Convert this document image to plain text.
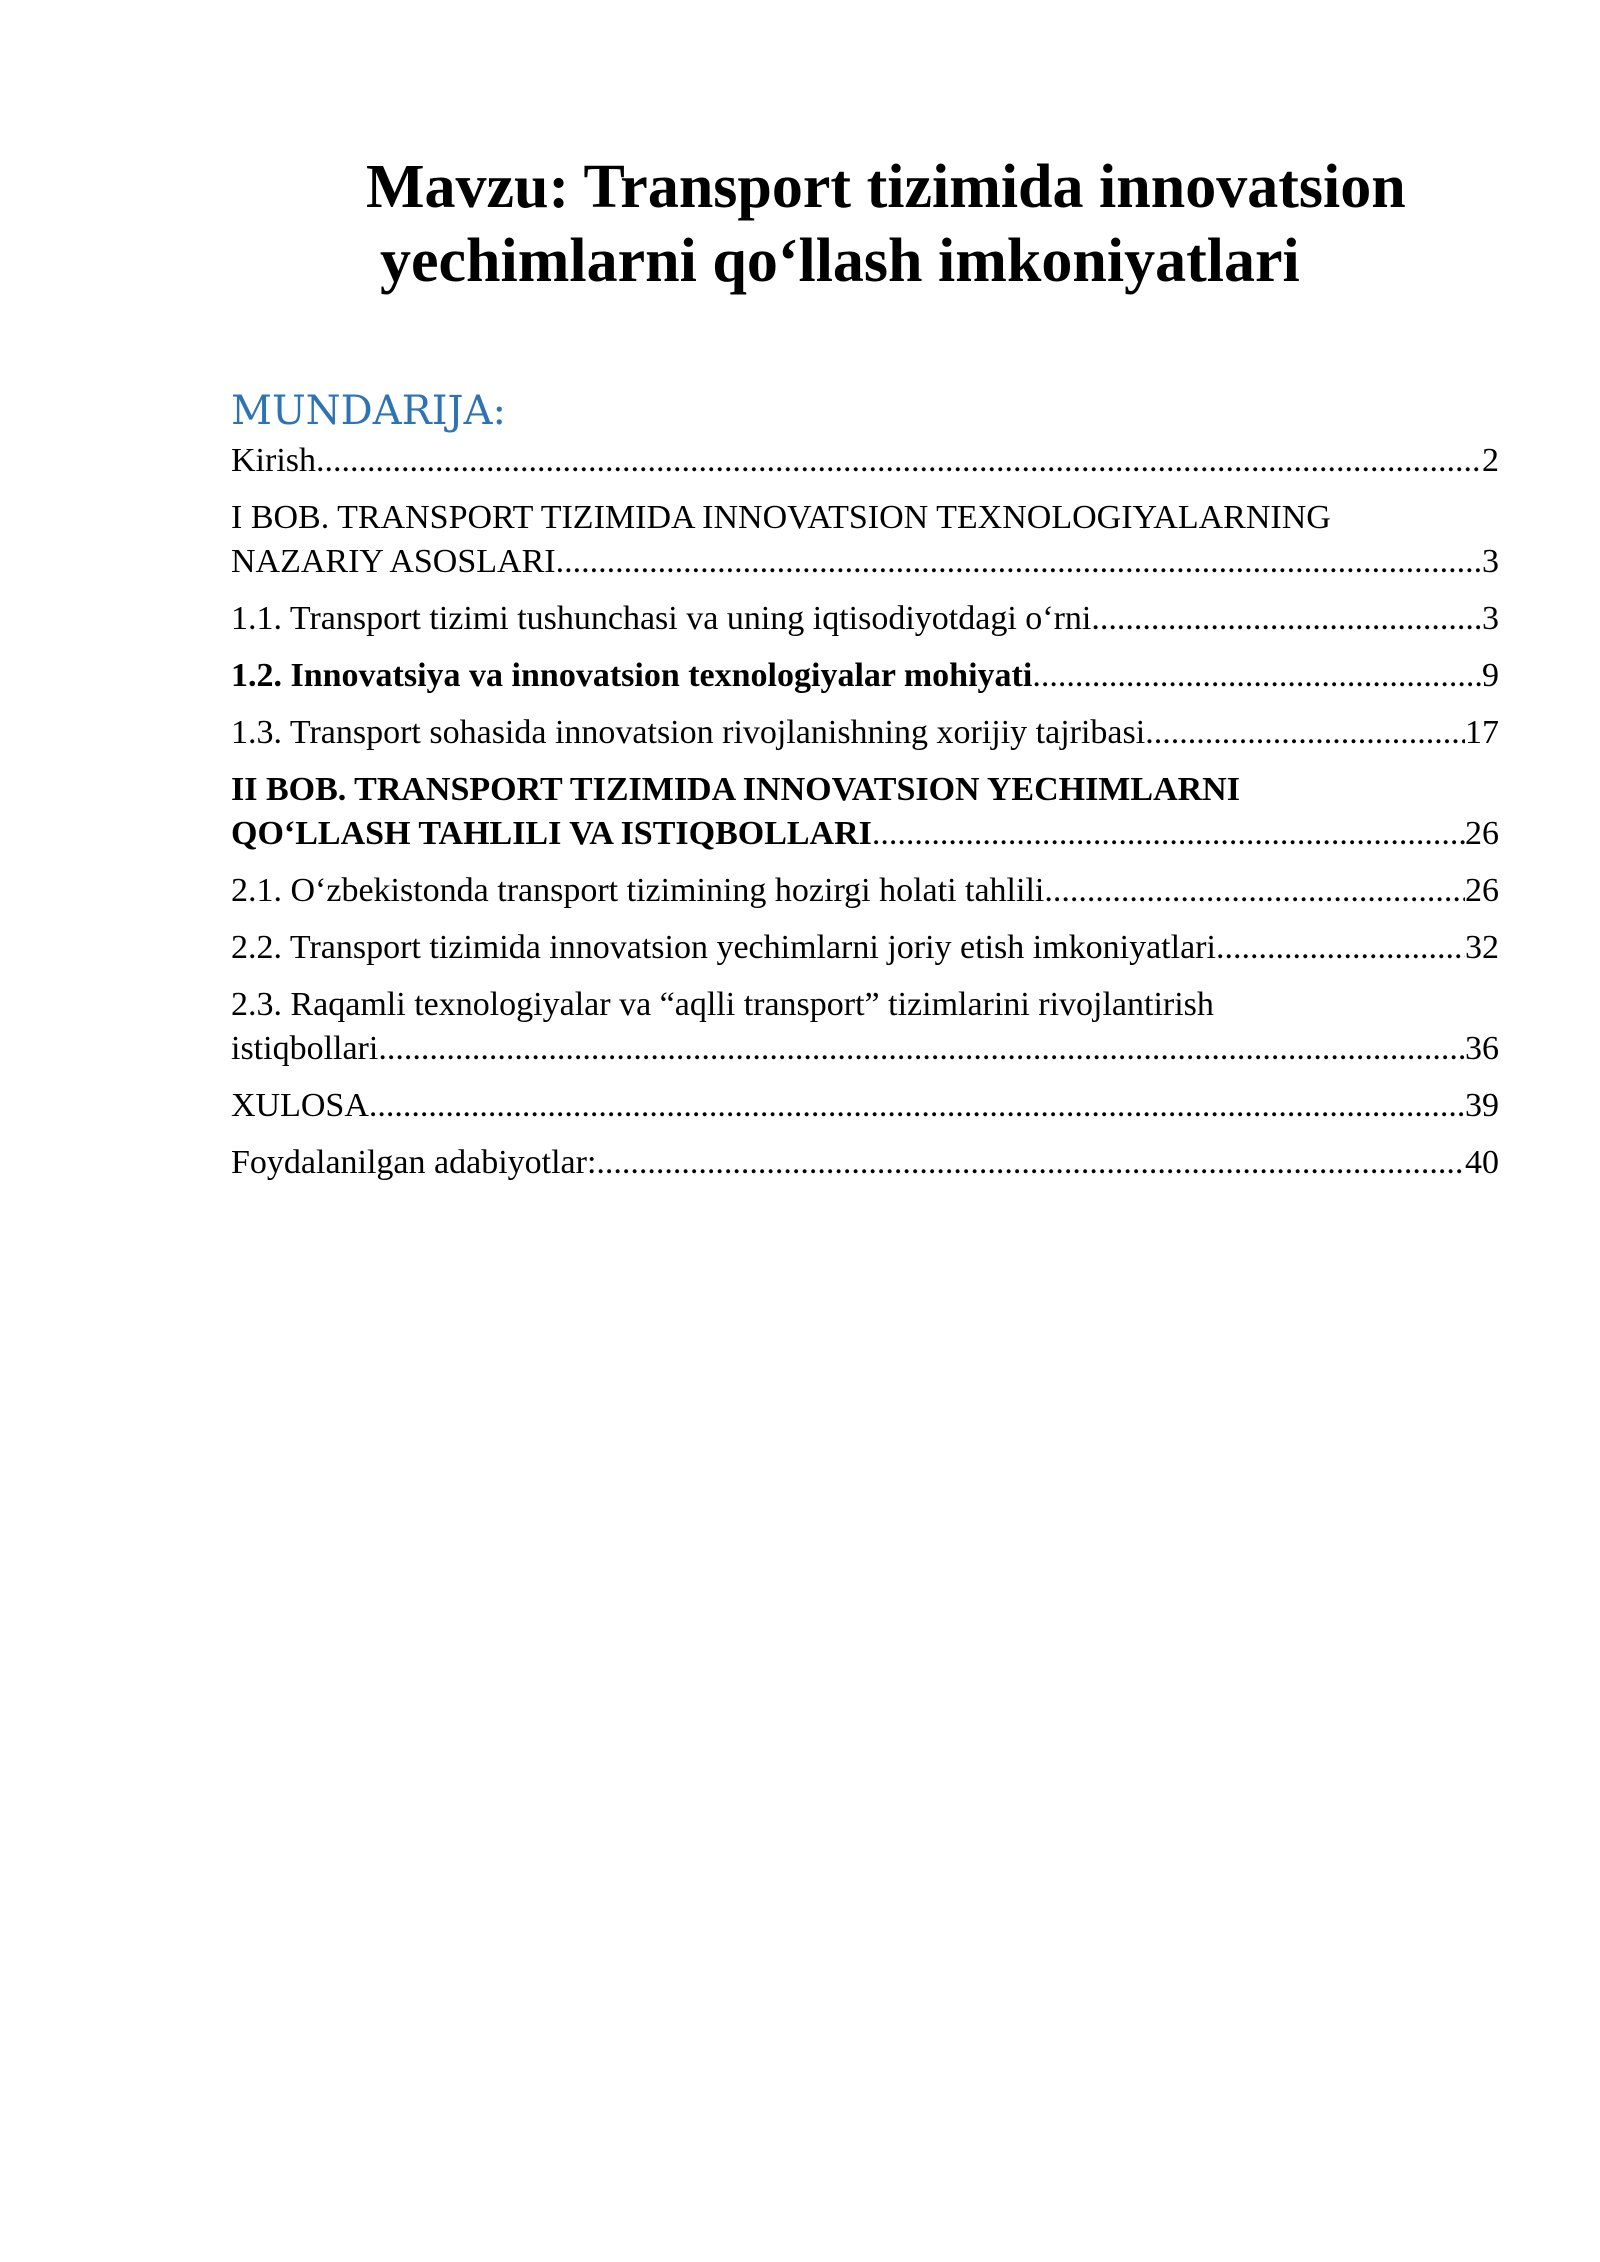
Mavzu: Transport tizimida innovatsion
yechimlarni qo‘llash imkoniyatlari
MUNDARIJA:
Kirish .....	2
I BOB. TRANSPORT TIZIMIDA INNOVATSION TEXNOLOGIYALARNING
NAZARIY ASOSLARI .....	3
1.1. Transport tizimi tushunchasi va uning iqtisodiyotdagi o‘rni .....	3
1.2. Innovatsiya va innovatsion texnologiyalar mohiyati .....	9
1.3. Transport sohasida innovatsion rivojlanishning xorijiy tajribasi .....	17
II BOB. TRANSPORT TIZIMIDA INNOVATSION YECHIMLARNI
QO‘LLASH TAHLILI VA ISTIQBOLLARI .....	26
2.1. O‘zbekistonda transport tizimining hozirgi holati tahlili .....	26
2.2. Transport tizimida innovatsion yechimlarni joriy etish imkoniyatlari .....	32
2.3. Raqamli texnologiyalar va “aqlli transport” tizimlarini rivojlantirish
istiqbollari .....	36
XULOSA .....	39
Foydalanilgan adabiyotlar: .....	40
